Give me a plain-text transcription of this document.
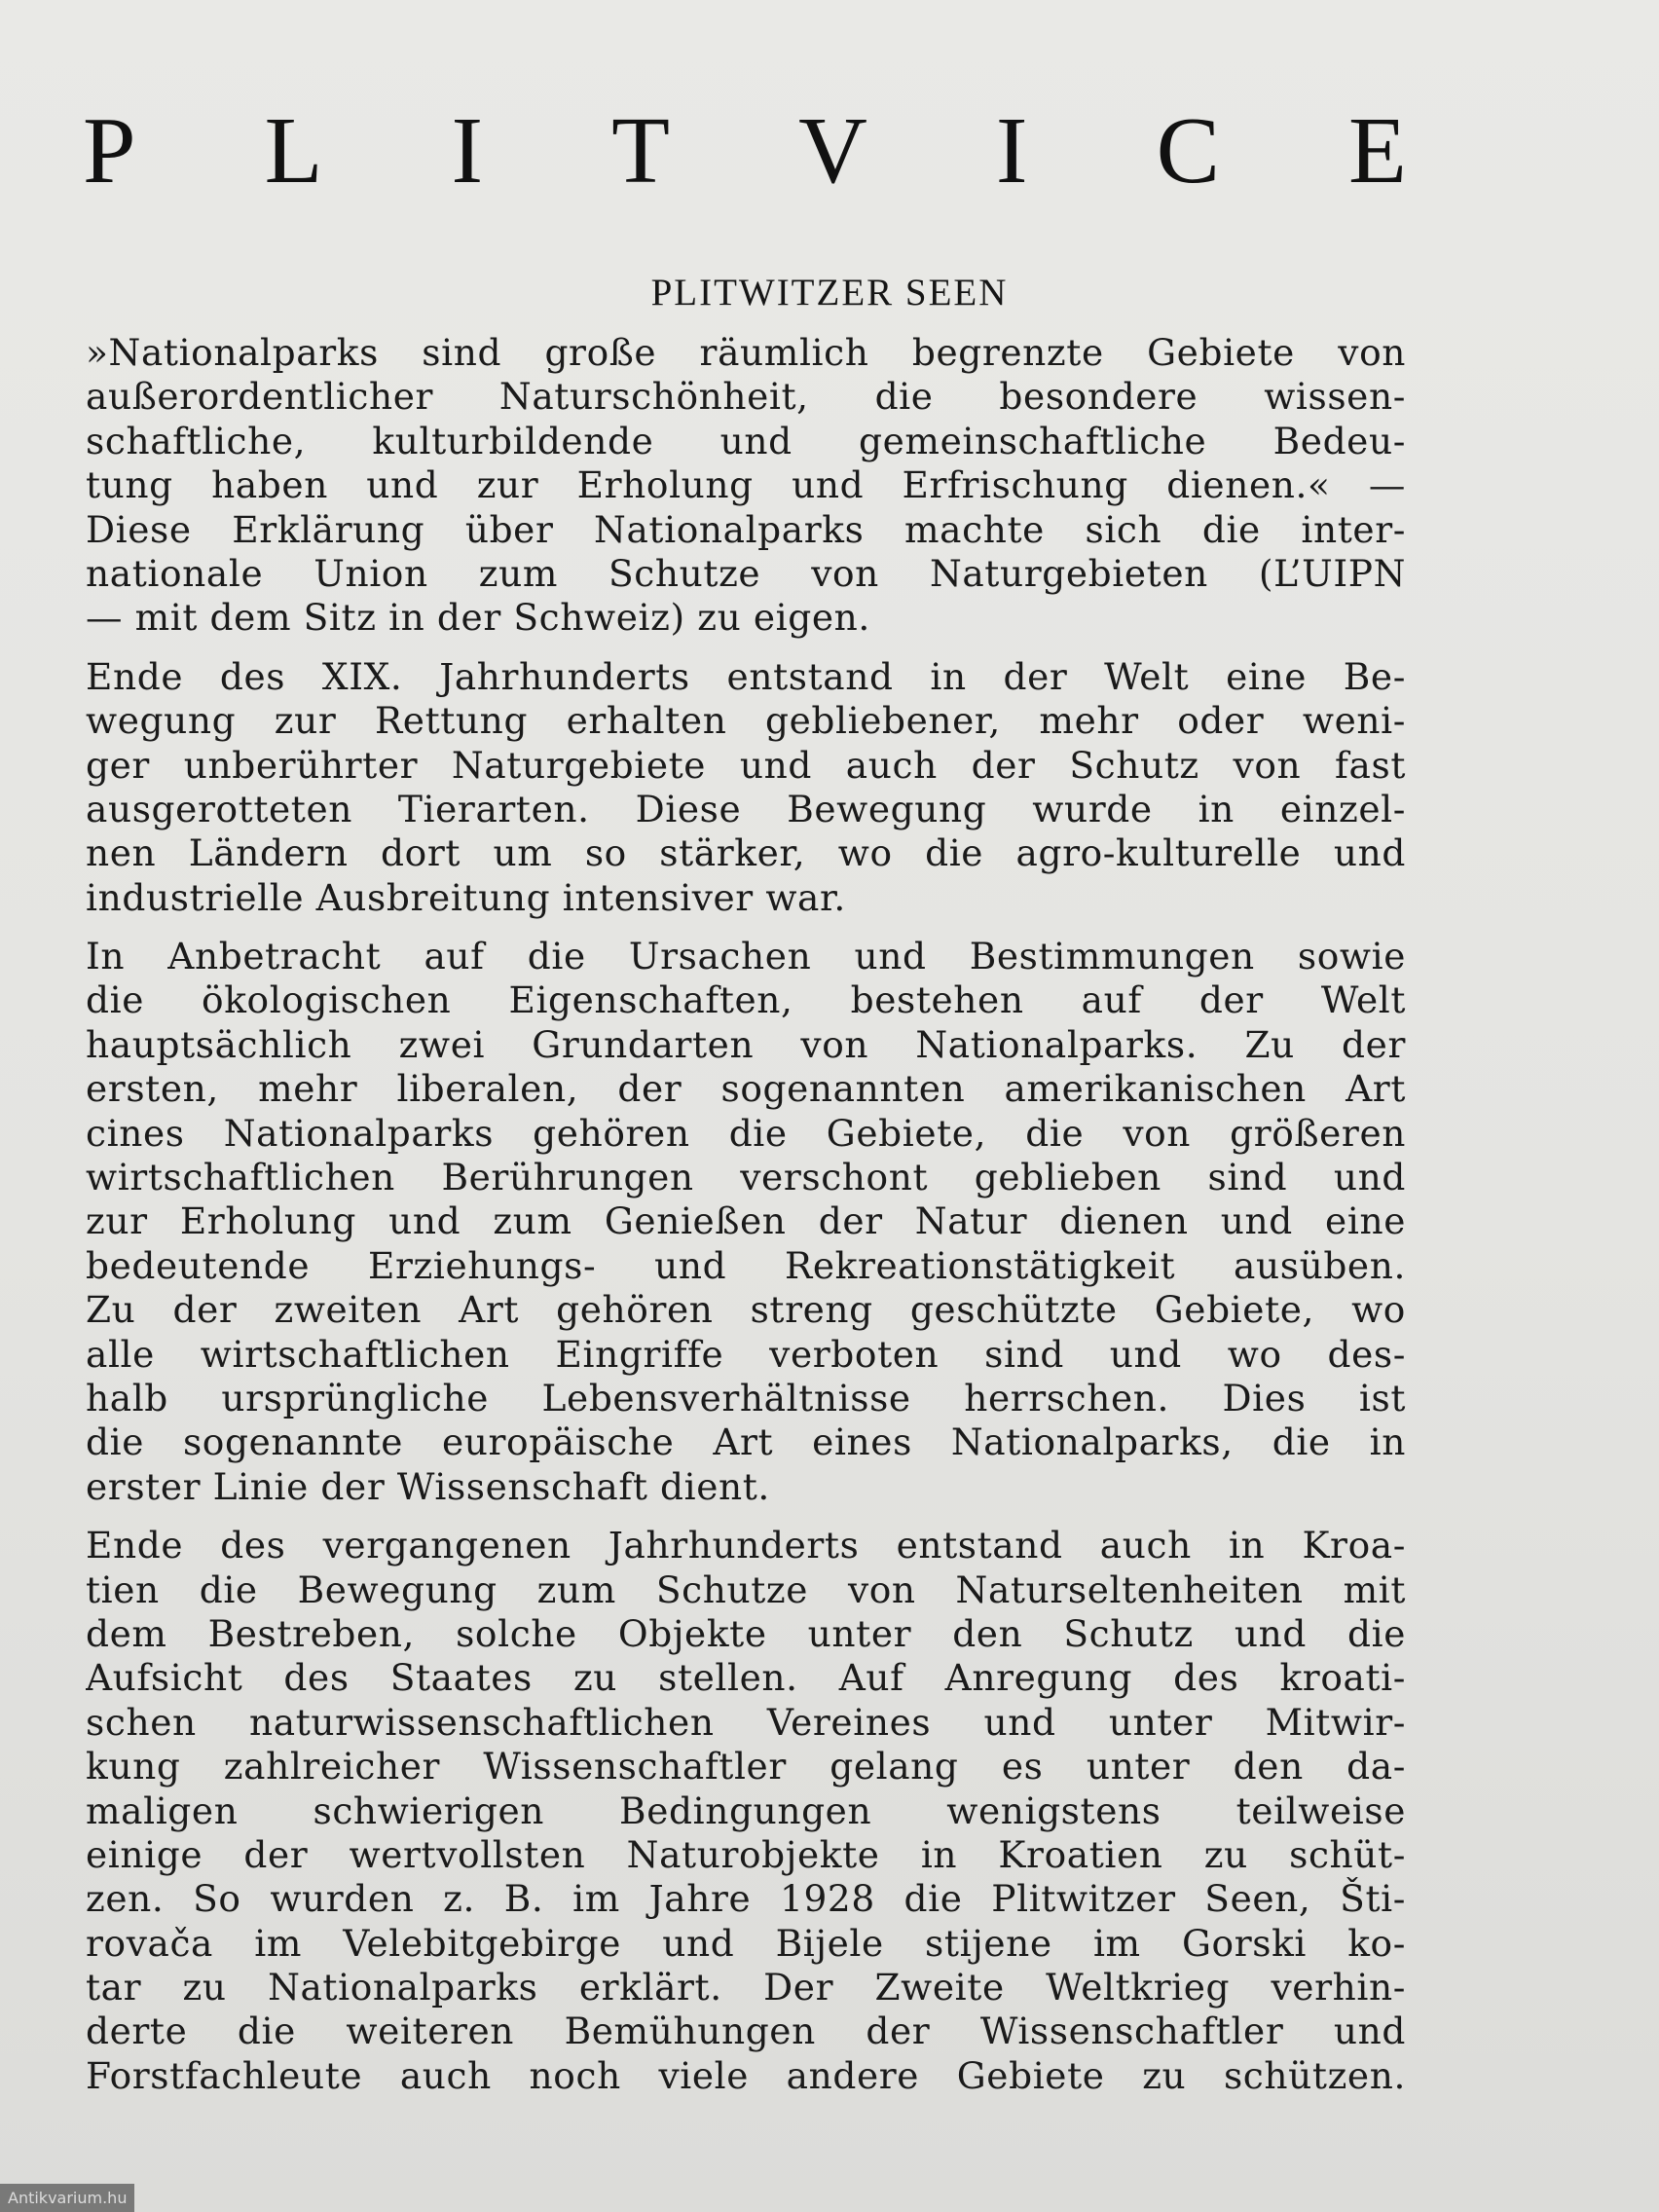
P L I T V I C E
PLITWITZER SEEN
»Nationalparks sind große räumlich begrenzte Gebiete von
außerordentlicher Naturschönheit, die besondere wissen-
schaftliche, kulturbildende und gemeinschaftliche Bedeu-
tung haben und zur Erholung und Erfrischung dienen.« —
Diese Erklärung über Nationalparks machte sich die inter-
nationale Union zum Schutze von Naturgebieten (L’UIPN
— mit dem Sitz in der Schweiz) zu eigen.
Ende des XIX. Jahrhunderts entstand in der Welt eine Be-
wegung zur Rettung erhalten gebliebener, mehr oder weni-
ger unberührter Naturgebiete und auch der Schutz von fast
ausgerotteten Tierarten. Diese Bewegung wurde in einzel-
nen Ländern dort um so stärker, wo die agro-kulturelle und
industrielle Ausbreitung intensiver war.
In Anbetracht auf die Ursachen und Bestimmungen sowie
die ökologischen Eigenschaften, bestehen auf der Welt
hauptsächlich zwei Grundarten von Nationalparks. Zu der
ersten, mehr liberalen, der sogenannten amerikanischen Art
cines Nationalparks gehören die Gebiete, die von größeren
wirtschaftlichen Berührungen verschont geblieben sind und
zur Erholung und zum Genießen der Natur dienen und eine
bedeutende Erziehungs- und Rekreationstätigkeit ausüben.
Zu der zweiten Art gehören streng geschützte Gebiete, wo
alle wirtschaftlichen Eingriffe verboten sind und wo des-
halb ursprüngliche Lebensverhältnisse herrschen. Dies ist
die sogenannte europäische Art eines Nationalparks, die in
erster Linie der Wissenschaft dient.
Ende des vergangenen Jahrhunderts entstand auch in Kroa-
tien die Bewegung zum Schutze von Naturseltenheiten mit
dem Bestreben, solche Objekte unter den Schutz und die
Aufsicht des Staates zu stellen. Auf Anregung des kroati-
schen naturwissenschaftlichen Vereines und unter Mitwir-
kung zahlreicher Wissenschaftler gelang es unter den da-
maligen schwierigen Bedingungen wenigstens teilweise
einige der wertvollsten Naturobjekte in Kroatien zu schüt-
zen. So wurden z. B. im Jahre 1928 die Plitwitzer Seen, Šti-
rovača im Velebitgebirge und Bijele stijene im Gorski ko-
tar zu Nationalparks erklärt. Der Zweite Weltkrieg verhin-
derte die weiteren Bemühungen der Wissenschaftler und
Forstfachleute auch noch viele andere Gebiete zu schützen.
Antikvarium.hu
